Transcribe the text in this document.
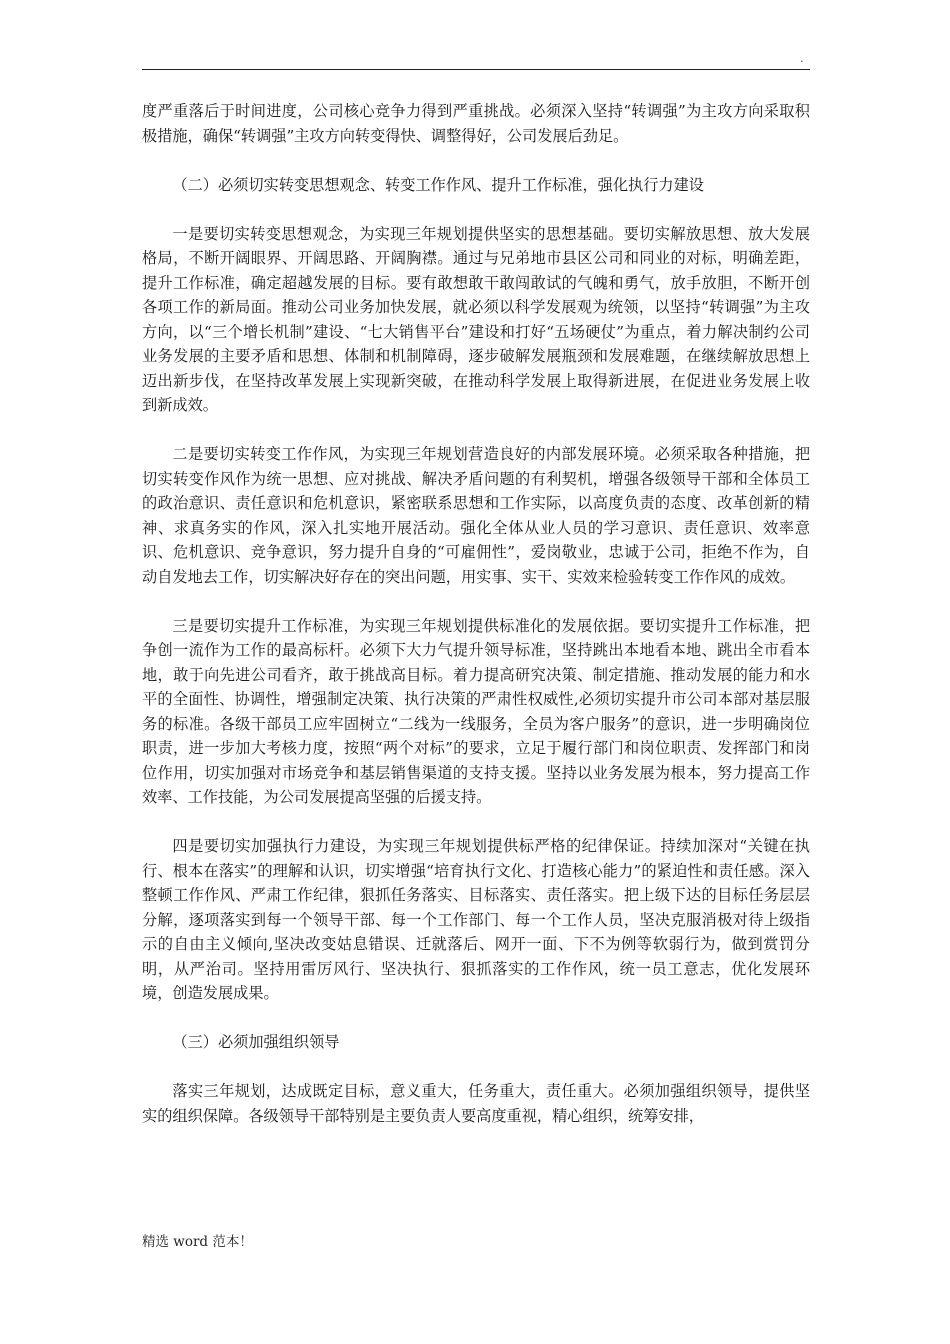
.

度严重落后于时间进度，公司核心竞争力得到严重挑战。必须深入坚持“转调强”为主攻方向采取积极措施，确保“转调强”主攻方向转变得快、调整得好，公司发展后劲足。

（二）必须切实转变思想观念、转变工作作风、提升工作标准，强化执行力建设

一是要切实转变思想观念，为实现三年规划提供坚实的思想基础。要切实解放思想、放大发展格局，不断开阔眼界、开阔思路、开阔胸襟。通过与兄弟地市县区公司和同业的对标，明确差距，提升工作标准，确定超越发展的目标。要有敢想敢干敢闯敢试的气魄和勇气，放手放胆，不断开创各项工作的新局面。推动公司业务加快发展，就必须以科学发展观为统领，以坚持“转调强”为主攻方向，以“三个增长机制”建设、“七大销售平台”建设和打好“五场硬仗”为重点，着力解决制约公司业务发展的主要矛盾和思想、体制和机制障碍，逐步破解发展瓶颈和发展难题，在继续解放思想上迈出新步伐，在坚持改革发展上实现新突破，在推动科学发展上取得新进展，在促进业务发展上收到新成效。

二是要切实转变工作作风，为实现三年规划营造良好的内部发展环境。必须采取各种措施，把切实转变作风作为统一思想、应对挑战、解决矛盾问题的有利契机，增强各级领导干部和全体员工的政治意识、责任意识和危机意识，紧密联系思想和工作实际，以高度负责的态度、改革创新的精神、求真务实的作风，深入扎实地开展活动。强化全体从业人员的学习意识、责任意识、效率意识、危机意识、竞争意识，努力提升自身的“可雇佣性”，爱岗敬业，忠诚于公司，拒绝不作为，自动自发地去工作，切实解决好存在的突出问题，用实事、实干、实效来检验转变工作作风的成效。

三是要切实提升工作标准，为实现三年规划提供标准化的发展依据。要切实提升工作标准，把争创一流作为工作的最高标杆。必须下大力气提升领导标准，坚持跳出本地看本地、跳出全市看本地，敢于向先进公司看齐，敢于挑战高目标。着力提高研究决策、制定措施、推动发展的能力和水平的全面性、协调性，增强制定决策、执行决策的严肃性权威性,必须切实提升市公司本部对基层服务的标准。各级干部员工应牢固树立“二线为一线服务，全员为客户服务”的意识，进一步明确岗位职责，进一步加大考核力度，按照“两个对标”的要求，立足于履行部门和岗位职责、发挥部门和岗位作用，切实加强对市场竞争和基层销售渠道的支持支援。坚持以业务发展为根本，努力提高工作效率、工作技能，为公司发展提高坚强的后援支持。

四是要切实加强执行力建设，为实现三年规划提供标严格的纪律保证。持续加深对“关键在执行、根本在落实”的理解和认识，切实增强“培育执行文化、打造核心能力”的紧迫性和责任感。深入整顿工作作风、严肃工作纪律，狠抓任务落实、目标落实、责任落实。把上级下达的目标任务层层分解，逐项落实到每一个领导干部、每一个工作部门、每一个工作人员，坚决克服消极对待上级指示的自由主义倾向,坚决改变姑息错误、迁就落后、网开一面、下不为例等软弱行为，做到赏罚分明，从严治司。坚持用雷厉风行、坚决执行、狠抓落实的工作作风，统一员工意志，优化发展环境，创造发展成果。

（三）必须加强组织领导

落实三年规划，达成既定目标，意义重大，任务重大，责任重大。必须加强组织领导，提供坚实的组织保障。各级领导干部特别是主要负责人要高度重视，精心组织，统筹安排，

精选 word 范本！
